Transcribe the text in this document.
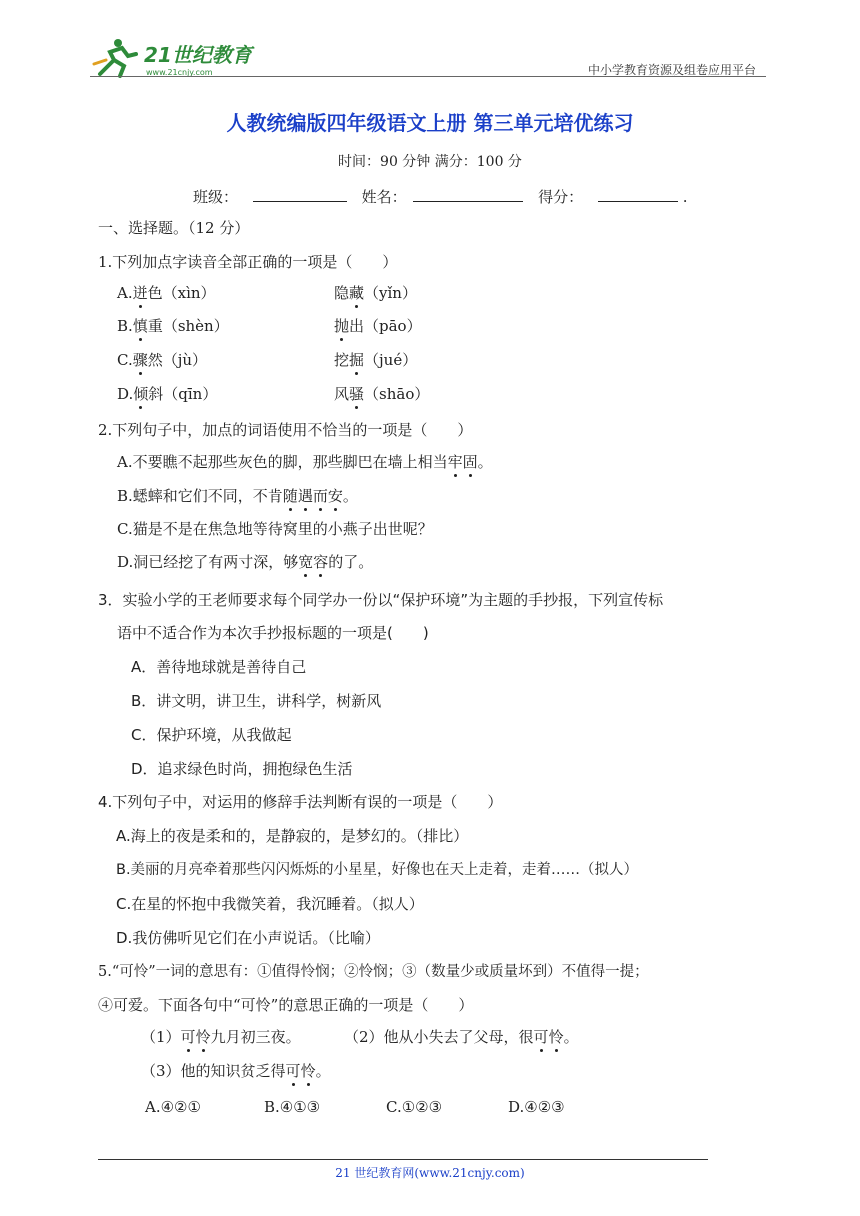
21世纪教育
www.21cnjy.com	中小学教育资源及组卷应用平台
人教统编版四年级语文上册 第三单元培优练习
时间：90 分钟 满分：100 分
班级：	姓名：	得分：	.
一、选择题。（12 分）
1.下列加点字读音全部正确的一项是（　　）
A.迸色（xìn）	隐藏（yǐn）
B.慎重（shèn）	抛出（pāo）
C.骤然（jù）	挖掘（jué）
D.倾斜（qīn）	风骚（shāo）
2.下列句子中，加点的词语使用不恰当的一项是（　　）
A.不要瞧不起那些灰色的脚，那些脚巴在墙上相当牢固。
B.蟋蟀和它们不同，不肯随遇而安。
C.猫是不是在焦急地等待窝里的小燕子出世呢？
D.洞已经挖了有两寸深，够宽容的了。
3．实验小学的王老师要求每个同学办一份以“保护环境”为主题的手抄报，下列宣传标
语中不适合作为本次手抄报标题的一项是(　　)
A．善待地球就是善待自己
B．讲文明，讲卫生，讲科学，树新风
C．保护环境，从我做起
D．追求绿色时尚，拥抱绿色生活
4.下列句子中，对运用的修辞手法判断有误的一项是（　　）
A.海上的夜是柔和的，是静寂的，是梦幻的。（排比）
B.美丽的月亮牵着那些闪闪烁烁的小星星，好像也在天上走着，走着……（拟人）
C.在星的怀抱中我微笑着，我沉睡着。（拟人）
D.我仿佛听见它们在小声说话。（比喻）
5.“可怜”一词的意思有：①值得怜悯；②怜悯；③（数量少或质量坏到）不值得一提；
④可爱。下面各句中“可怜”的意思正确的一项是（　　）
（1）可怜九月初三夜。	（2）他从小失去了父母，很可怜。
（3）他的知识贫乏得可怜。
A.④②①	B.④①③	C.①②③	D.④②③
21 世纪教育网(www.21cnjy.com)
